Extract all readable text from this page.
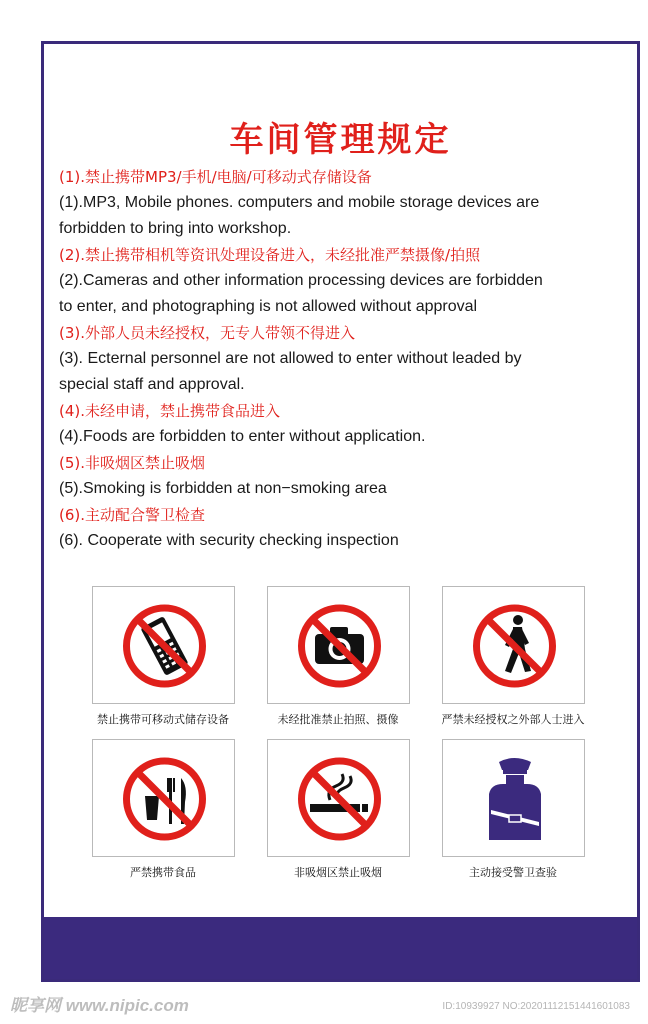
车间管理规定
(1).禁止携带MP3/手机/电脑/可移动式存储设备
(1).MP3, Mobile phones. computers and mobile storage devices are
forbidden to bring into workshop.
(2).禁止携带相机等资讯处理设备进入，未经批准严禁摄像/拍照
(2).Cameras and other information processing devices are forbidden
to enter, and photographing is not allowed without approval
(3).外部人员未经授权，无专人带领不得进入
(3). Ecternal personnel are not allowed to enter without leaded by
special staff and approval.
(4).未经申请，禁止携带食品进入
(4).Foods are forbidden to enter without application.
(5).非吸烟区禁止吸烟
(5).Smoking is forbidden at non−smoking area
(6).主动配合警卫检查
(6). Cooperate with security checking inspection
禁止携带可移动式储存设备	未经批准禁止拍照、摄像	严禁未经授权之外部人士进入
严禁携带食品	非吸烟区禁止吸烟	主动接受警卫查验
昵享网 www.nipic.com	ID:10939927 NO:20201112151441601083
